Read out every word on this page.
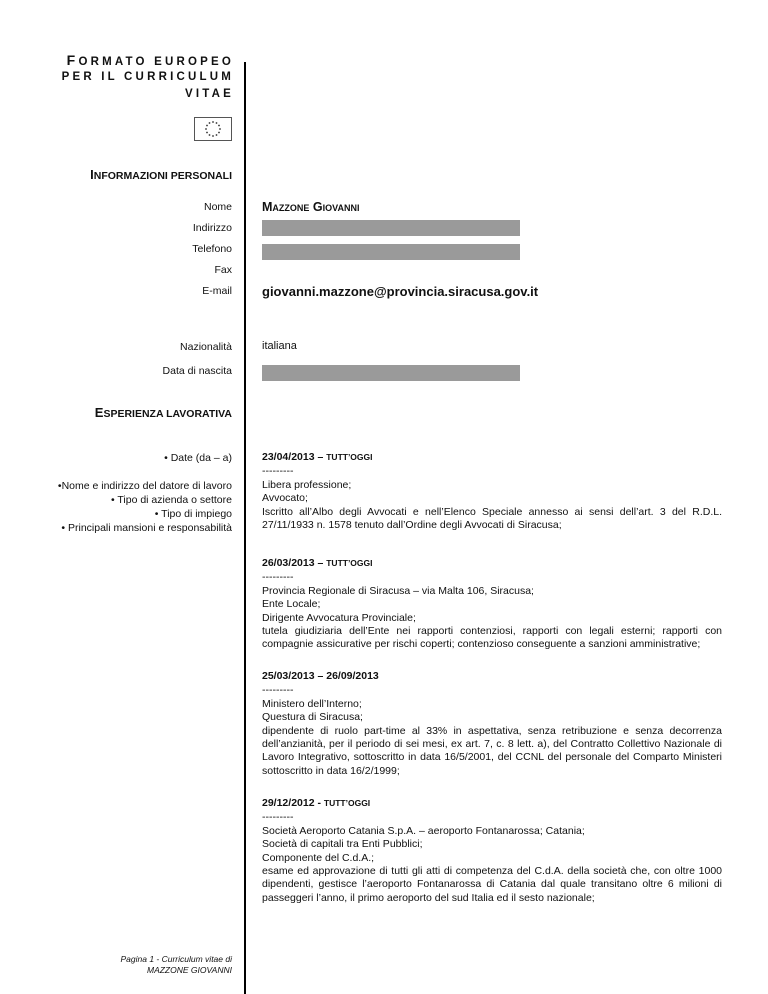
FORMATO EUROPEO
PER IL CURRICULUM
VITAE
INFORMAZIONI PERSONALI
Nome Mazzone Giovanni
Indirizzo
Telefono
Fax
E-mail giovanni.mazzone@provincia.siracusa.gov.it
Nazionalità	italiana
Data di nascita
ESPERIENZA LAVORATIVA
• Date (da – a)
•Nome e indirizzo del datore di lavoro
• Tipo di azienda o settore
• Tipo di impiego
• Principali mansioni e responsabilità
23/04/2013 – TUTT’OGGI
---------

Libera professione;

Avvocato;

Iscritto all’Albo degli Avvocati e nell’Elenco Speciale annesso ai sensi dell’art. 3 del R.D.L. 27/11/1933 n. 1578 tenuto dall’Ordine degli Avvocati di Siracusa;

26/03/2013 – TUTT’OGGI
---------

Provincia Regionale di Siracusa – via Malta 106, Siracusa;

Ente Locale;

Dirigente Avvocatura Provinciale;

tutela giudiziaria dell’Ente nei rapporti contenziosi, rapporti con legali esterni; rapporti con compagnie assicurative per rischi coperti; contenzioso conseguente a sanzioni amministrative;

25/03/2013 – 26/09/2013
---------

Ministero dell’Interno;

Questura di Siracusa;

dipendente di ruolo part-time al 33% in aspettativa, senza retribuzione e senza decorrenza dell’anzianità, per il periodo di sei mesi, ex art. 7, c. 8 lett. a), del Contratto Collettivo Nazionale di Lavoro Integrativo, sottoscritto in data 16/5/2001, del CCNL del personale del Comparto Ministeri sottoscritto in data 16/2/1999;

29/12/2012 - TUTT’OGGI
---------

Società Aeroporto Catania S.p.A. – aeroporto Fontanarossa; Catania;

Società di capitali tra Enti Pubblici;

Componente del C.d.A.;

esame ed approvazione di tutti gli atti di competenza del C.d.A. della società che, con oltre 1000 dipendenti, gestisce l’aeroporto Fontanarossa di Catania dal quale transitano oltre 6 milioni di passeggeri l’anno, il primo aeroporto del sud Italia ed il sesto nazionale;

Pagina 1 - Curriculum vitae di
MAZZONE GIOVANNI
